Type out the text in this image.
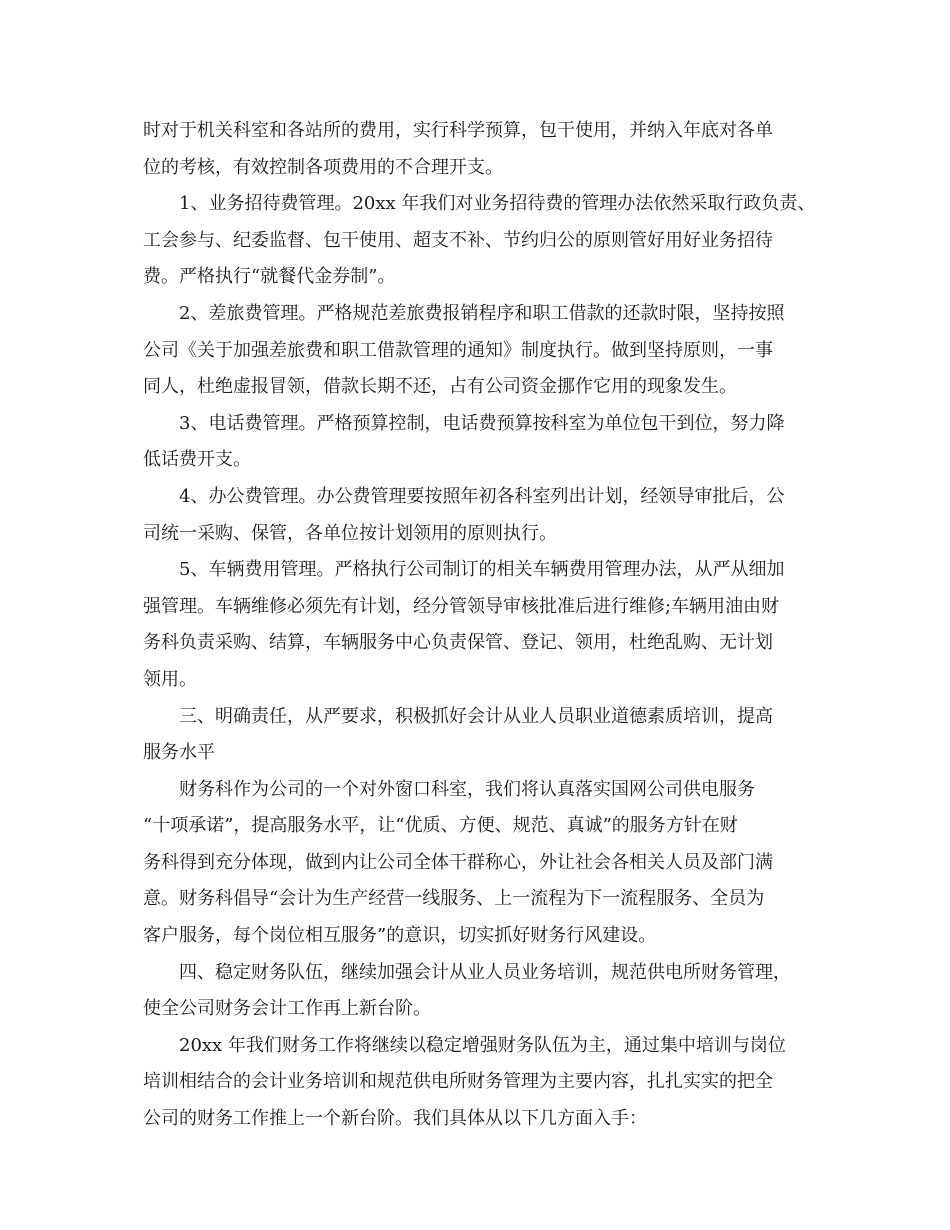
时对于机关科室和各站所的费用，实行科学预算，包干使用，并纳入年底对各单
位的考核，有效控制各项费用的不合理开支。
1、业务招待费管理。20xx 年我们对业务招待费的管理办法依然采取行政负责、
工会参与、纪委监督、包干使用、超支不补、节约归公的原则管好用好业务招待
费。严格执行“就餐代金券制”。
2、差旅费管理。严格规范差旅费报销程序和职工借款的还款时限，坚持按照
公司《关于加强差旅费和职工借款管理的通知》制度执行。做到坚持原则，一事
同人，杜绝虚报冒领，借款长期不还，占有公司资金挪作它用的现象发生。
3、电话费管理。严格预算控制，电话费预算按科室为单位包干到位，努力降
低话费开支。
4、办公费管理。办公费管理要按照年初各科室列出计划，经领导审批后，公
司统一采购、保管，各单位按计划领用的原则执行。
5、车辆费用管理。严格执行公司制订的相关车辆费用管理办法，从严从细加
强管理。车辆维修必须先有计划，经分管领导审核批准后进行维修;车辆用油由财
务科负责采购、结算，车辆服务中心负责保管、登记、领用，杜绝乱购、无计划
领用。
三、明确责任，从严要求，积极抓好会计从业人员职业道德素质培训，提高
服务水平
财务科作为公司的一个对外窗口科室，我们将认真落实国网公司供电服务
“十项承诺”，提高服务水平，让“优质、方便、规范、真诚”的服务方针在财
务科得到充分体现，做到内让公司全体干群称心，外让社会各相关人员及部门满
意。财务科倡导“会计为生产经营一线服务、上一流程为下一流程服务、全员为
客户服务，每个岗位相互服务”的意识，切实抓好财务行风建设。
四、稳定财务队伍，继续加强会计从业人员业务培训，规范供电所财务管理，
使全公司财务会计工作再上新台阶。
20xx 年我们财务工作将继续以稳定增强财务队伍为主，通过集中培训与岗位
培训相结合的会计业务培训和规范供电所财务管理为主要内容，扎扎实实的把全
公司的财务工作推上一个新台阶。我们具体从以下几方面入手：
